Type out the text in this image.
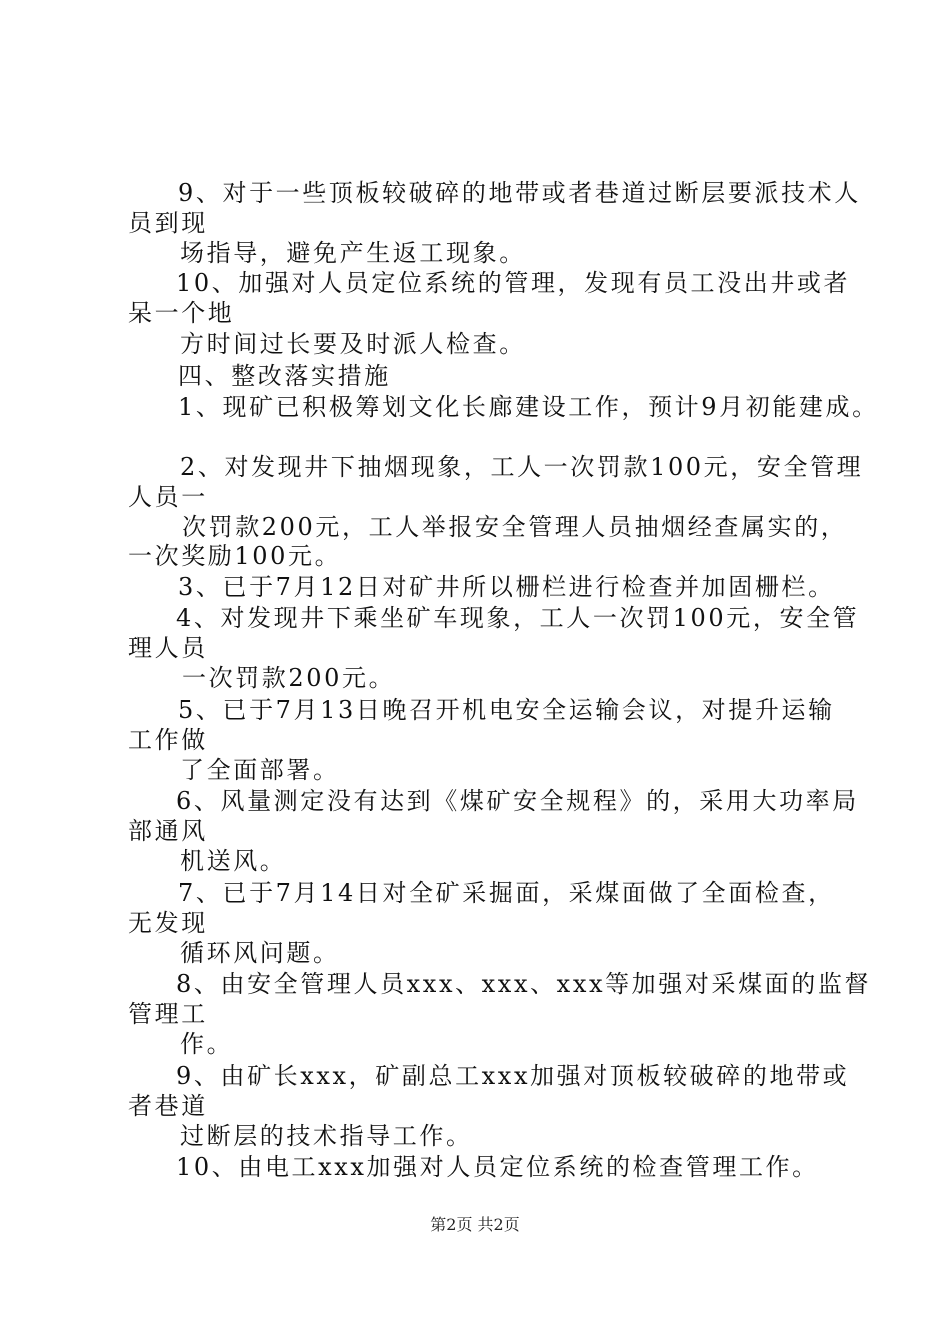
9、对于一些顶板较破碎的地带或者巷道过断层要派技术人
员到现
场指导，避免产生返工现象。
10、加强对人员定位系统的管理，发现有员工没出井或者
呆一个地
方时间过长要及时派人检查。
四、整改落实措施
1、现矿已积极筹划文化长廊建设工作，预计9月初能建成。
2、对发现井下抽烟现象，工人一次罚款100元，安全管理
人员一
次罚款200元，工人举报安全管理人员抽烟经查属实的，
一次奖励100元。
3、已于7月12日对矿井所以栅栏进行检查并加固栅栏。
4、对发现井下乘坐矿车现象，工人一次罚100元，安全管
理人员
一次罚款200元。
5、已于7月13日晚召开机电安全运输会议，对提升运输
工作做
了全面部署。
6、风量测定没有达到《煤矿安全规程》的，采用大功率局
部通风
机送风。
7、已于7月14日对全矿采掘面，采煤面做了全面检查，
无发现
循环风问题。
8、由安全管理人员xxx、xxx、xxx等加强对采煤面的监督
管理工
作。
9、由矿长xxx，矿副总工xxx加强对顶板较破碎的地带或
者巷道
过断层的技术指导工作。
10、由电工xxx加强对人员定位系统的检查管理工作。
第2页 共2页
